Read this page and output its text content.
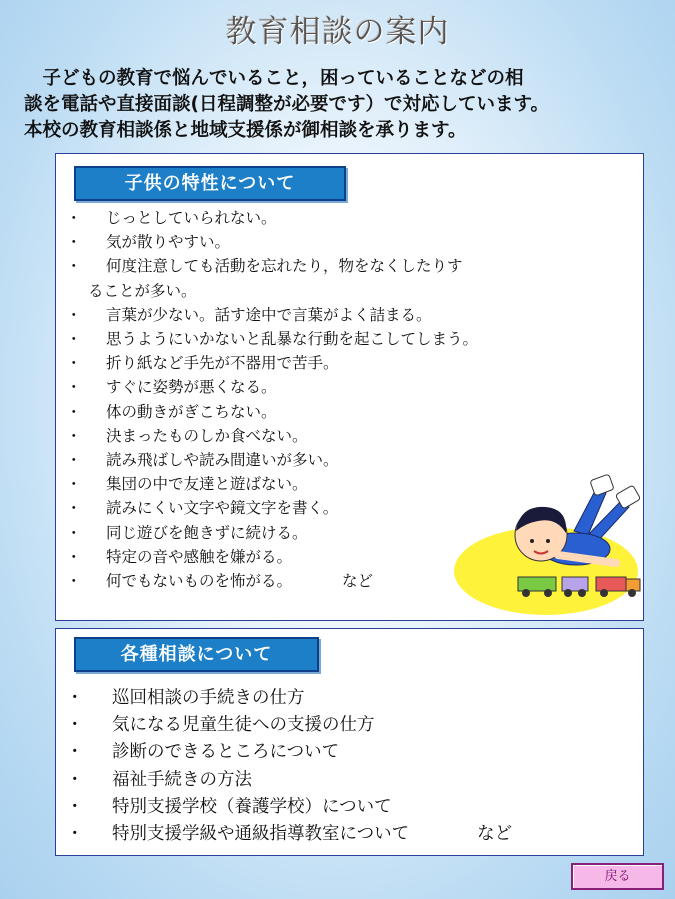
教育相談の案内

　子どもの教育で悩んでいること，困っていることなどの相

談を電話や直接面談(日程調整が必要です）で対応しています。

本校の教育相談係と地域支援係が御相談を承ります。

子供の特性について
・ じっとしていられない。
・ 気が散りやすい。
・ 何度注意しても活動を忘れたり，物をなくしたりす
ることが多い。
・ 言葉が少ない。話す途中で言葉がよく詰まる。
・ 思うようにいかないと乱暴な行動を起こしてしまう。
・ 折り紙など手先が不器用で苦手。
・ すぐに姿勢が悪くなる。
・ 体の動きがぎこちない。
・ 決まったものしか食べない。
・ 読み飛ばしや読み間違いが多い。
・ 集団の中で友達と遊ばない。
・ 読みにくい文字や鏡文字を書く。
・ 同じ遊びを飽きずに続ける。
・ 特定の音や感触を嫌がる。
・ 何でもないものを怖がる。	など
各種相談について
・ 巡回相談の手続きの仕方
・ 気になる児童生徒への支援の仕方
・ 診断のできるところについて
・ 福祉手続きの方法
・ 特別支援学校（養護学校）について
・ 特別支援学級や通級指導教室について	など
戻る
